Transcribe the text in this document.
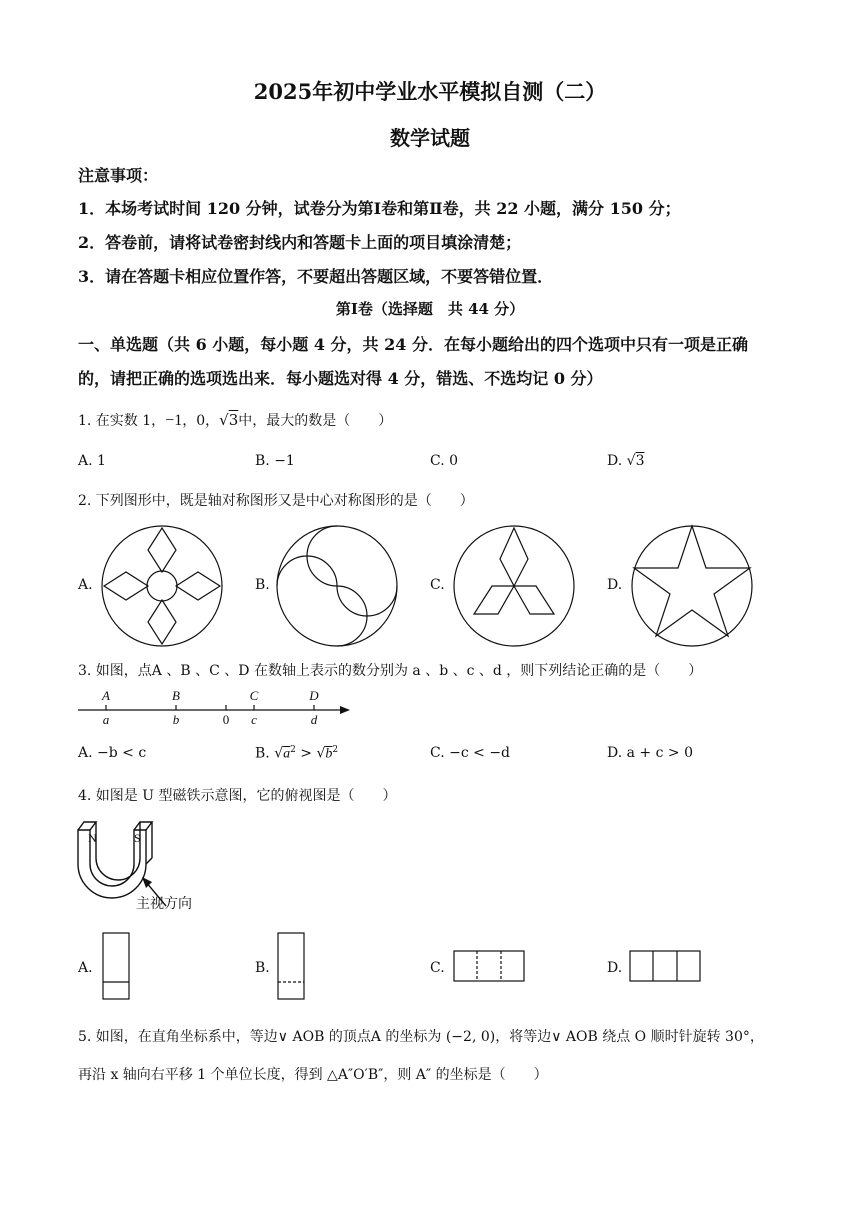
2025年初中学业水平模拟自测（二）
数学试题
注意事项：
1．本场考试时间 120 分钟，试卷分为第Ⅰ卷和第Ⅱ卷，共 22 小题，满分 150 分；
2．答卷前，请将试卷密封线内和答题卡上面的项目填涂清楚；
3．请在答题卡相应位置作答，不要超出答题区域，不要答错位置．
第Ⅰ卷（选择题　共 44 分）
一、单选题（共 6 小题，每小题 4 分，共 24 分．在每小题给出的四个选项中只有一项是正确
的，请把正确的选项选出来．每小题选对得 4 分，错选、不选均记 0 分）
1. 在实数 1，−1，0，√3中，最大的数是（　　）
A. 1	B. −1	C. 0	D. √3
2. 下列图形中，既是轴对称图形又是中心对称图形的是（　　）
A.	B.	C.	D.
3. 如图，点A 、B 、C 、D 在数轴上表示的数分别为 a 、b 、c 、d ，则下列结论正确的是（　　）
A	B	C	D
a	b	0 c	d
A. −b < c	B. $√a^2 > √b^2$	C. −c < −d	D. a + c > 0
4. 如图是 U 型磁铁示意图，它的俯视图是（　　）
N	S
主视方向
A.	B.	C.	D.
5. 如图，在直角坐标系中，等边∨ AOB 的顶点A 的坐标为 (−2, 0)，将等边∨ AOB 绕点 O 顺时针旋转 30°，
再沿 x 轴向右平移 1 个单位长度，得到 △A″O′B″，则 A″ 的坐标是（　　）
